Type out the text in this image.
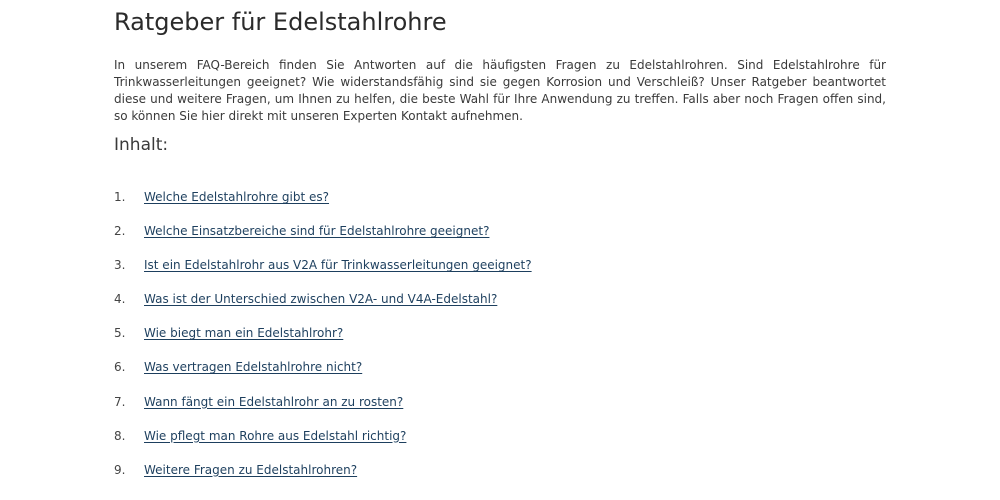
Ratgeber für Edelstahlrohre

In unserem FAQ-Bereich finden Sie Antworten auf die häufigsten Fragen zu Edelstahlrohren. Sind Edelstahlrohre für Trinkwasserleitungen geeignet? Wie widerstandsfähig sind sie gegen Korrosion und Verschleiß? Unser Ratgeber beantwortet diese und weitere Fragen, um Ihnen zu helfen, die beste Wahl für Ihre Anwendung zu treffen. Falls aber noch Fragen offen sind, so können Sie hier direkt mit unseren Experten Kontakt aufnehmen.

Inhalt:
1.	Welche Edelstahlrohre gibt es?
2.	Welche Einsatzbereiche sind für Edelstahlrohre geeignet?
3.	Ist ein Edelstahlrohr aus V2A für Trinkwasserleitungen geeignet?
4.	Was ist der Unterschied zwischen V2A- und V4A-Edelstahl?
5.	Wie biegt man ein Edelstahlrohr?
6.	Was vertragen Edelstahlrohre nicht?
7.	Wann fängt ein Edelstahlrohr an zu rosten?
8.	Wie pflegt man Rohre aus Edelstahl richtig?
9.	Weitere Fragen zu Edelstahlrohren?
